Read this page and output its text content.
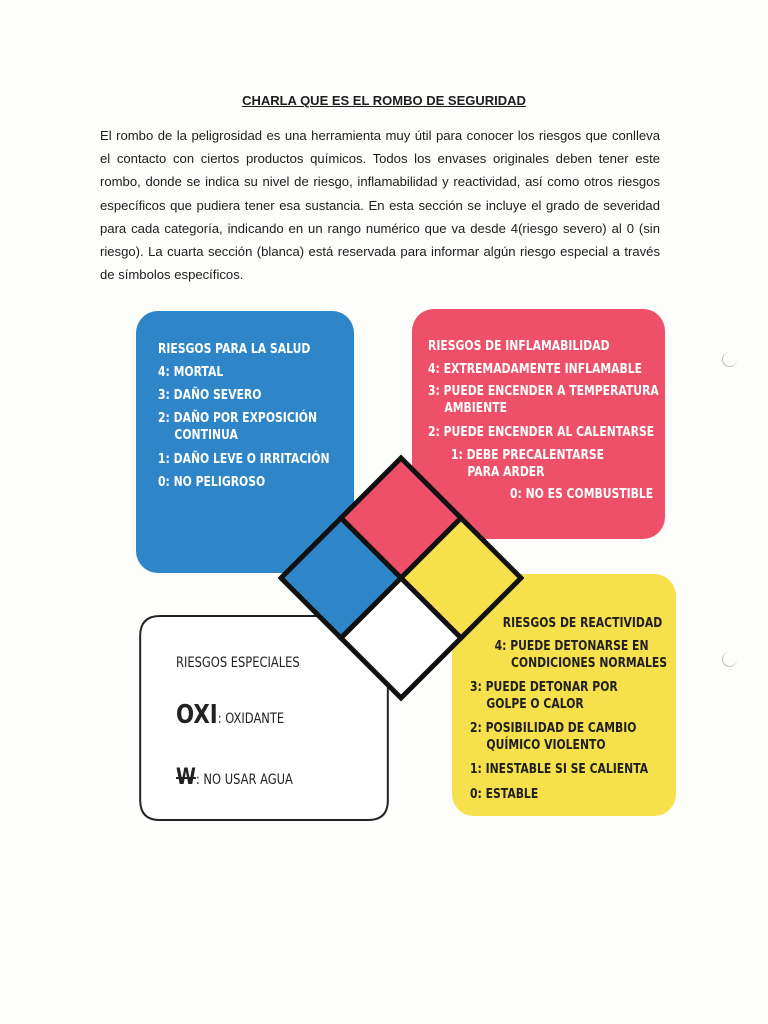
CHARLA QUE ES EL ROMBO DE SEGURIDAD

El rombo de la peligrosidad es una herramienta muy útil para conocer los riesgos que conlleva el contacto con ciertos productos químicos. Todos los envases originales deben tener este rombo, donde se indica su nivel de riesgo, inflamabilidad y reactividad, así como otros riesgos específicos que pudiera tener esa sustancia. En esta sección se incluye el grado de severidad para cada categoría, indicando en un rango numérico que va desde 4(riesgo severo) al 0 (sin riesgo). La cuarta sección (blanca) está reservada para informar algún riesgo especial a través de símbolos específicos.

RIESGOS PARA LA SALUD
4: MORTAL
3: DAÑO SEVERO
2: DAÑO POR EXPOSICIÓN
CONTINUA
1: DAÑO LEVE O IRRITACIÓN
0: NO PELIGROSO
RIESGOS DE INFLAMABILIDAD
4: EXTREMADAMENTE INFLAMABLE
3: PUEDE ENCENDER A TEMPERATURA
AMBIENTE
2: PUEDE ENCENDER AL CALENTARSE
1: DEBE PRECALENTARSE
PARA ARDER
0: NO ES COMBUSTIBLE
RIESGOS DE REACTIVIDAD
4: PUEDE DETONARSE EN
CONDICIONES NORMALES
3: PUEDE DETONAR POR
GOLPE O CALOR
2: POSIBILIDAD DE CAMBIO
QUÍMICO VIOLENTO
1: INESTABLE SI SE CALIENTA
0: ESTABLE
RIESGOS ESPECIALES
OXI: OXIDANTE
W: NO USAR AGUA
